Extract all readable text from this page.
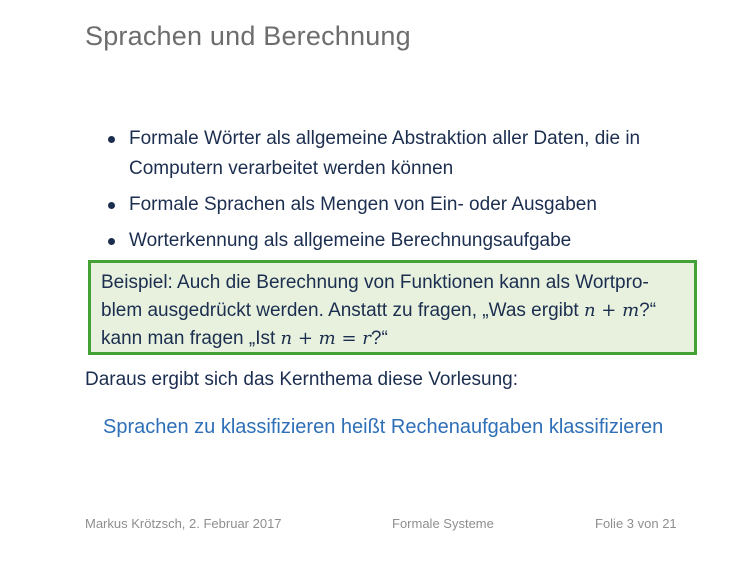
Sprachen und Berechnung
Formale Wörter als allgemeine Abstraktion aller Daten, die in
Computern verarbeitet werden können
Formale Sprachen als Mengen von Ein- oder Ausgaben
Worterkennung als allgemeine Berechnungsaufgabe
Beispiel: Auch die Berechnung von Funktionen kann als Wortpro-
blem ausgedrückt werden. Anstatt zu fragen, „Was ergibt n + m?“
kann man fragen „Ist n + m = r?“

Daraus ergibt sich das Kernthema diese Vorlesung:

Sprachen zu klassifizieren heißt Rechenaufgaben klassifizieren

Markus Krötzsch, 2. Februar 2017	Formale Systeme	Folie 3 von 21
